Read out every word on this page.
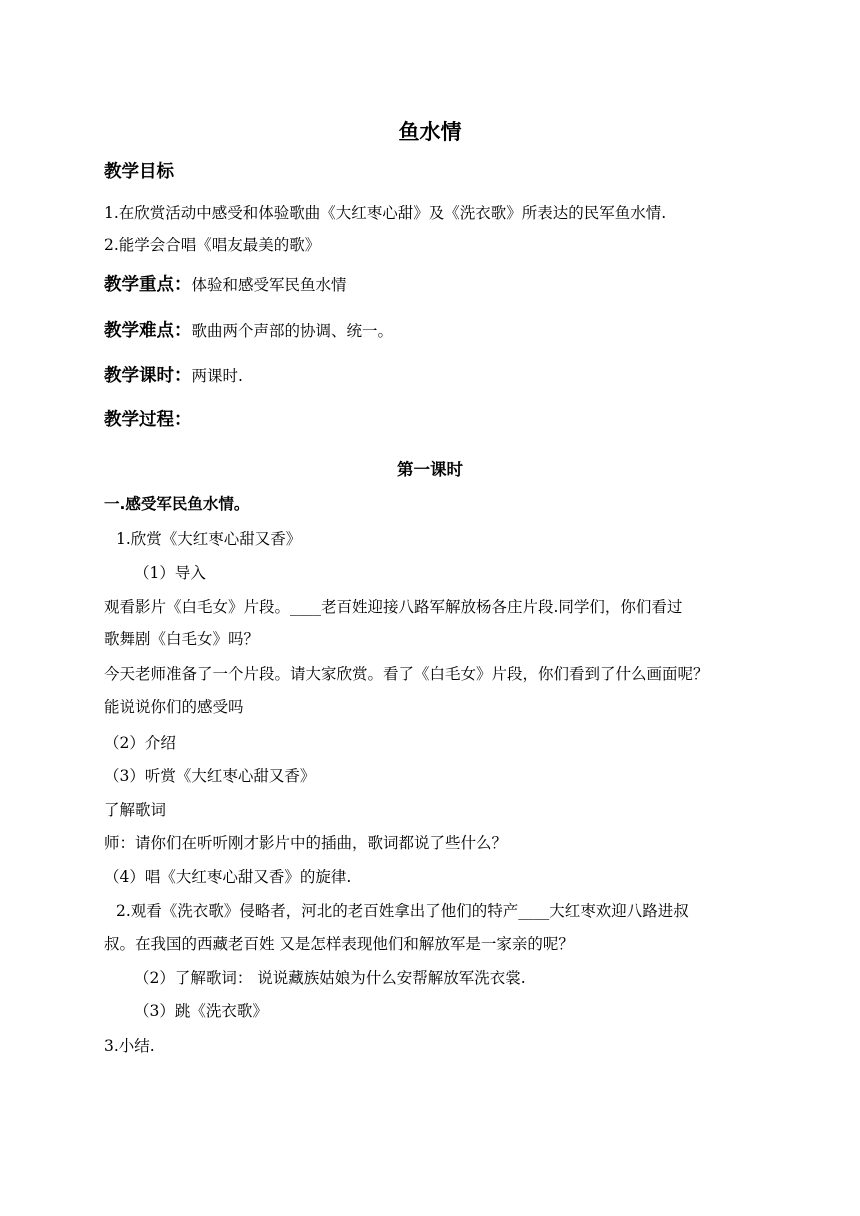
鱼水情
教学目标
1.在欣赏活动中感受和体验歌曲《大红枣心甜》及《洗衣歌》所表达的民军鱼水情.
2.能学会合唱《唱友最美的歌》
教学重点：体验和感受军民鱼水情
教学难点：歌曲两个声部的协调、统一。
教学课时：两课时.
教学过程：
第一课时
一.感受军民鱼水情。
1.欣赏《大红枣心甜又香》
（1）导入
观看影片《白毛女》片段。____老百姓迎接八路军解放杨各庄片段.同学们，你们看过
歌舞剧《白毛女》吗？
今天老师准备了一个片段。请大家欣赏。看了《白毛女》片段，你们看到了什么画面呢？
能说说你们的感受吗
（2）介绍
（3）听赏《大红枣心甜又香》
了解歌词
师：请你们在听听刚才影片中的插曲，歌词都说了些什么？
（4）唱《大红枣心甜又香》的旋律.
2.观看《洗衣歌》侵略者，河北的老百姓拿出了他们的特产____大红枣欢迎八路进叔
叔。在我国的西藏老百姓 又是怎样表现他们和解放军是一家亲的呢？
（2）了解歌词： 说说藏族姑娘为什么安帮解放军洗衣裳.
（3）跳《洗衣歌》
3.小结.
